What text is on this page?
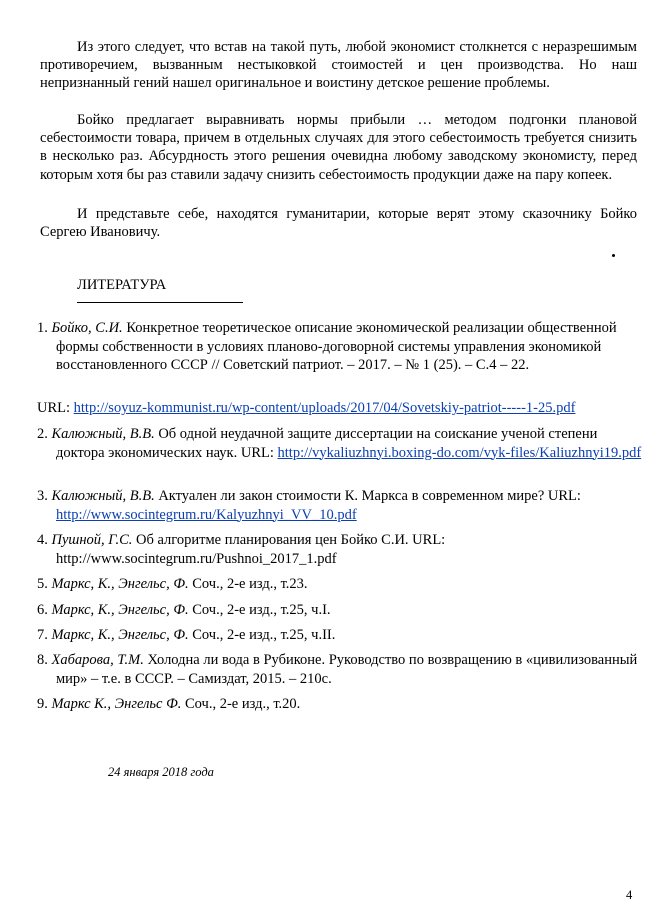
Из этого следует, что встав на такой путь, любой экономист столкнется с неразрешимым противоречием, вызванным нестыковкой стоимостей и цен производства. Но наш непризнанный гений нашел оригинальное и воистину детское решение проблемы.

Бойко предлагает выравнивать нормы прибыли … методом подгонки плановой себестоимости товара, причем в отдельных случаях для этого себестоимость требуется снизить в несколько раз. Абсурдность этого решения очевидна любому заводскому экономисту, перед которым хотя бы раз ставили задачу снизить себестоимость продукции даже на пару копеек.

И представьте себе, находятся гуманитарии, которые верят этому сказочнику Бойко Сергею Ивановичу.

ЛИТЕРАТУРА

1. Бойко, С.И. Конкретное теоретическое описание экономической реализации общественной формы собственности в условиях планово-договорной системы управления экономикой восстановленного СССР // Советский патриот. – 2017. – № 1 (25). – С.4 – 22.

URL: http://soyuz-kommunist.ru/wp-content/uploads/2017/04/Sovetskiy-patriot-----1-25.pdf

2. Калюжный, В.В. Об одной неудачной защите диссертации на соискание ученой степени доктора экономических наук. URL: http://vykaliuzhnyi.boxing-do.com/vyk-files/Kaliuzhnyi19.pdf

3. Калюжный, В.В. Актуален ли закон стоимости К. Маркса в современном мире? URL: http://www.socintegrum.ru/Kalyuzhnyi_VV_10.pdf

4. Пушной, Г.С. Об алгоритме планирования цен Бойко С.И. URL: http://www.socintegrum.ru/Pushnoi_2017_1.pdf

5. Маркс, К., Энгельс, Ф. Соч., 2-е изд., т.23.

6. Маркс, К., Энгельс, Ф. Соч., 2-е изд., т.25, ч.I.

7. Маркс, К., Энгельс, Ф. Соч., 2-е изд., т.25, ч.II.

8. Хабарова, Т.М. Холодна ли вода в Рубиконе. Руководство по возвращению в «цивилизованный мир» – т.е. в СССР. – Самиздат, 2015. – 210с.

9. Маркс К., Энгельс Ф. Соч., 2-е изд., т.20.

24 января 2018 года
4
